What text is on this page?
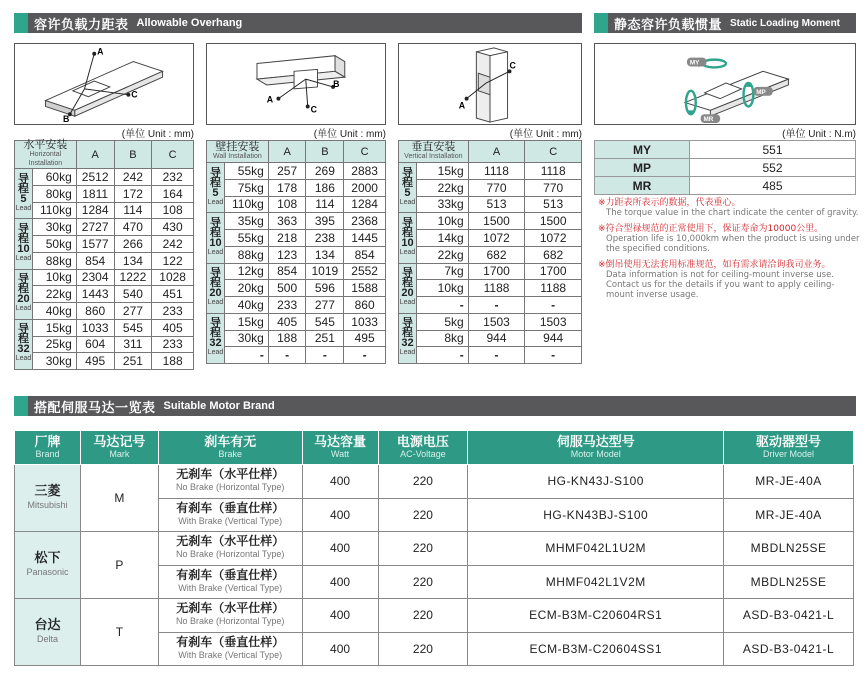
容许负载力距表 Allowable Overhang	静态容许负载惯量 Static Loading Moment
A
C
B
A
B
C	A
C	MY
MP
MR
(单位 Unit : mm)	(单位 Unit : mm)	(单位 Unit : mm)	(单位 Unit : N.m)
水平安装
Horizontal Installation		A	B	C

导程
5
Lead	60kg	2512	242	232
	80kg	1811	172	164
	110kg	1284	114	108

导程
10
Lead	30kg	2727	470	430
	50kg	1577	266	242
	88kg	854	134	122

导程
20
Lead	10kg	2304	1222	1028
	22kg	1443	540	451
	40kg	860	277	233

导程
32
Lead	15kg	1033	545	405
	25kg	604	311	233
	30kg	495	251	188
壁挂安装
Wall Installation		A	B	C

导程
5
Lead	55kg	257	269	2883
	75kg	178	186	2000
	110kg	108	114	1284

导程
10
Lead	35kg	363	395	2368
	55kg	218	238	1445
	88kg	123	134	854

导程
20
Lead	12kg	854	1019	2552
	20kg	500	596	1588
	40kg	233	277	860

导程
32
Lead	15kg	405	545	1033
	30kg	188	251	495
	-	-	-	-
垂直安装
Vertical Installation		A	C

导程
5
Lead	15kg	1118	1118
	22kg	770	770
	33kg	513	513

导程
10
Lead	10kg	1500	1500
	14kg	1072	1072
	22kg	682	682

导程
20
Lead	7kg	1700	1700
	10kg	1188	1188
	-	-	-

导程
32
Lead	5kg	1503	1503
	8kg	944	944
	-	-	-
MY	551
MP	552
MR	485
※力距表所表示的数据，代表重心。
The torque value in the chart indicate the center of gravity.
※符合型禄规范的正常使用下，保证寿命为10000公里。
Operation life is 10,000km when the product is using under the specified conditions.
※倒吊使用无法套用标准规范，如有需求请洽询我司业务。
Data information is not for ceiling-mount inverse use. Contact us for the details if you want to apply ceiling-mount inverse usage.
搭配伺服马达一览表 Suitable Motor Brand
厂牌
Brand	马达记号
Mark	刹车有无
Brake	马达容量
Watt	电源电压
AC-Voltage	伺服马达型号
Motor Model	驱动器型号
Driver Model

三菱
Mitsubishi	M	无刹车（水平仕样）
No Brake (Horizontal Type)	400	220	HG-KN43J-S100	MR-JE-40A
		有刹车（垂直仕样）
With Brake (Vertical Type)	400	220	HG-KN43BJ-S100	MR-JE-40A
松下
Panasonic	P	无刹车（水平仕样）
No Brake (Horizontal Type)	400	220	MHMF042L1U2M	MBDLN25SE
		有刹车（垂直仕样）
With Brake (Vertical Type)	400	220	MHMF042L1V2M	MBDLN25SE
台达
Delta	T	无刹车（水平仕样）
No Brake (Horizontal Type)	400	220	ECM-B3M-C20604RS1	ASD-B3-0421-L
		有刹车（垂直仕样）
With Brake (Vertical Type)	400	220	ECM-B3M-C20604SS1	ASD-B3-0421-L
